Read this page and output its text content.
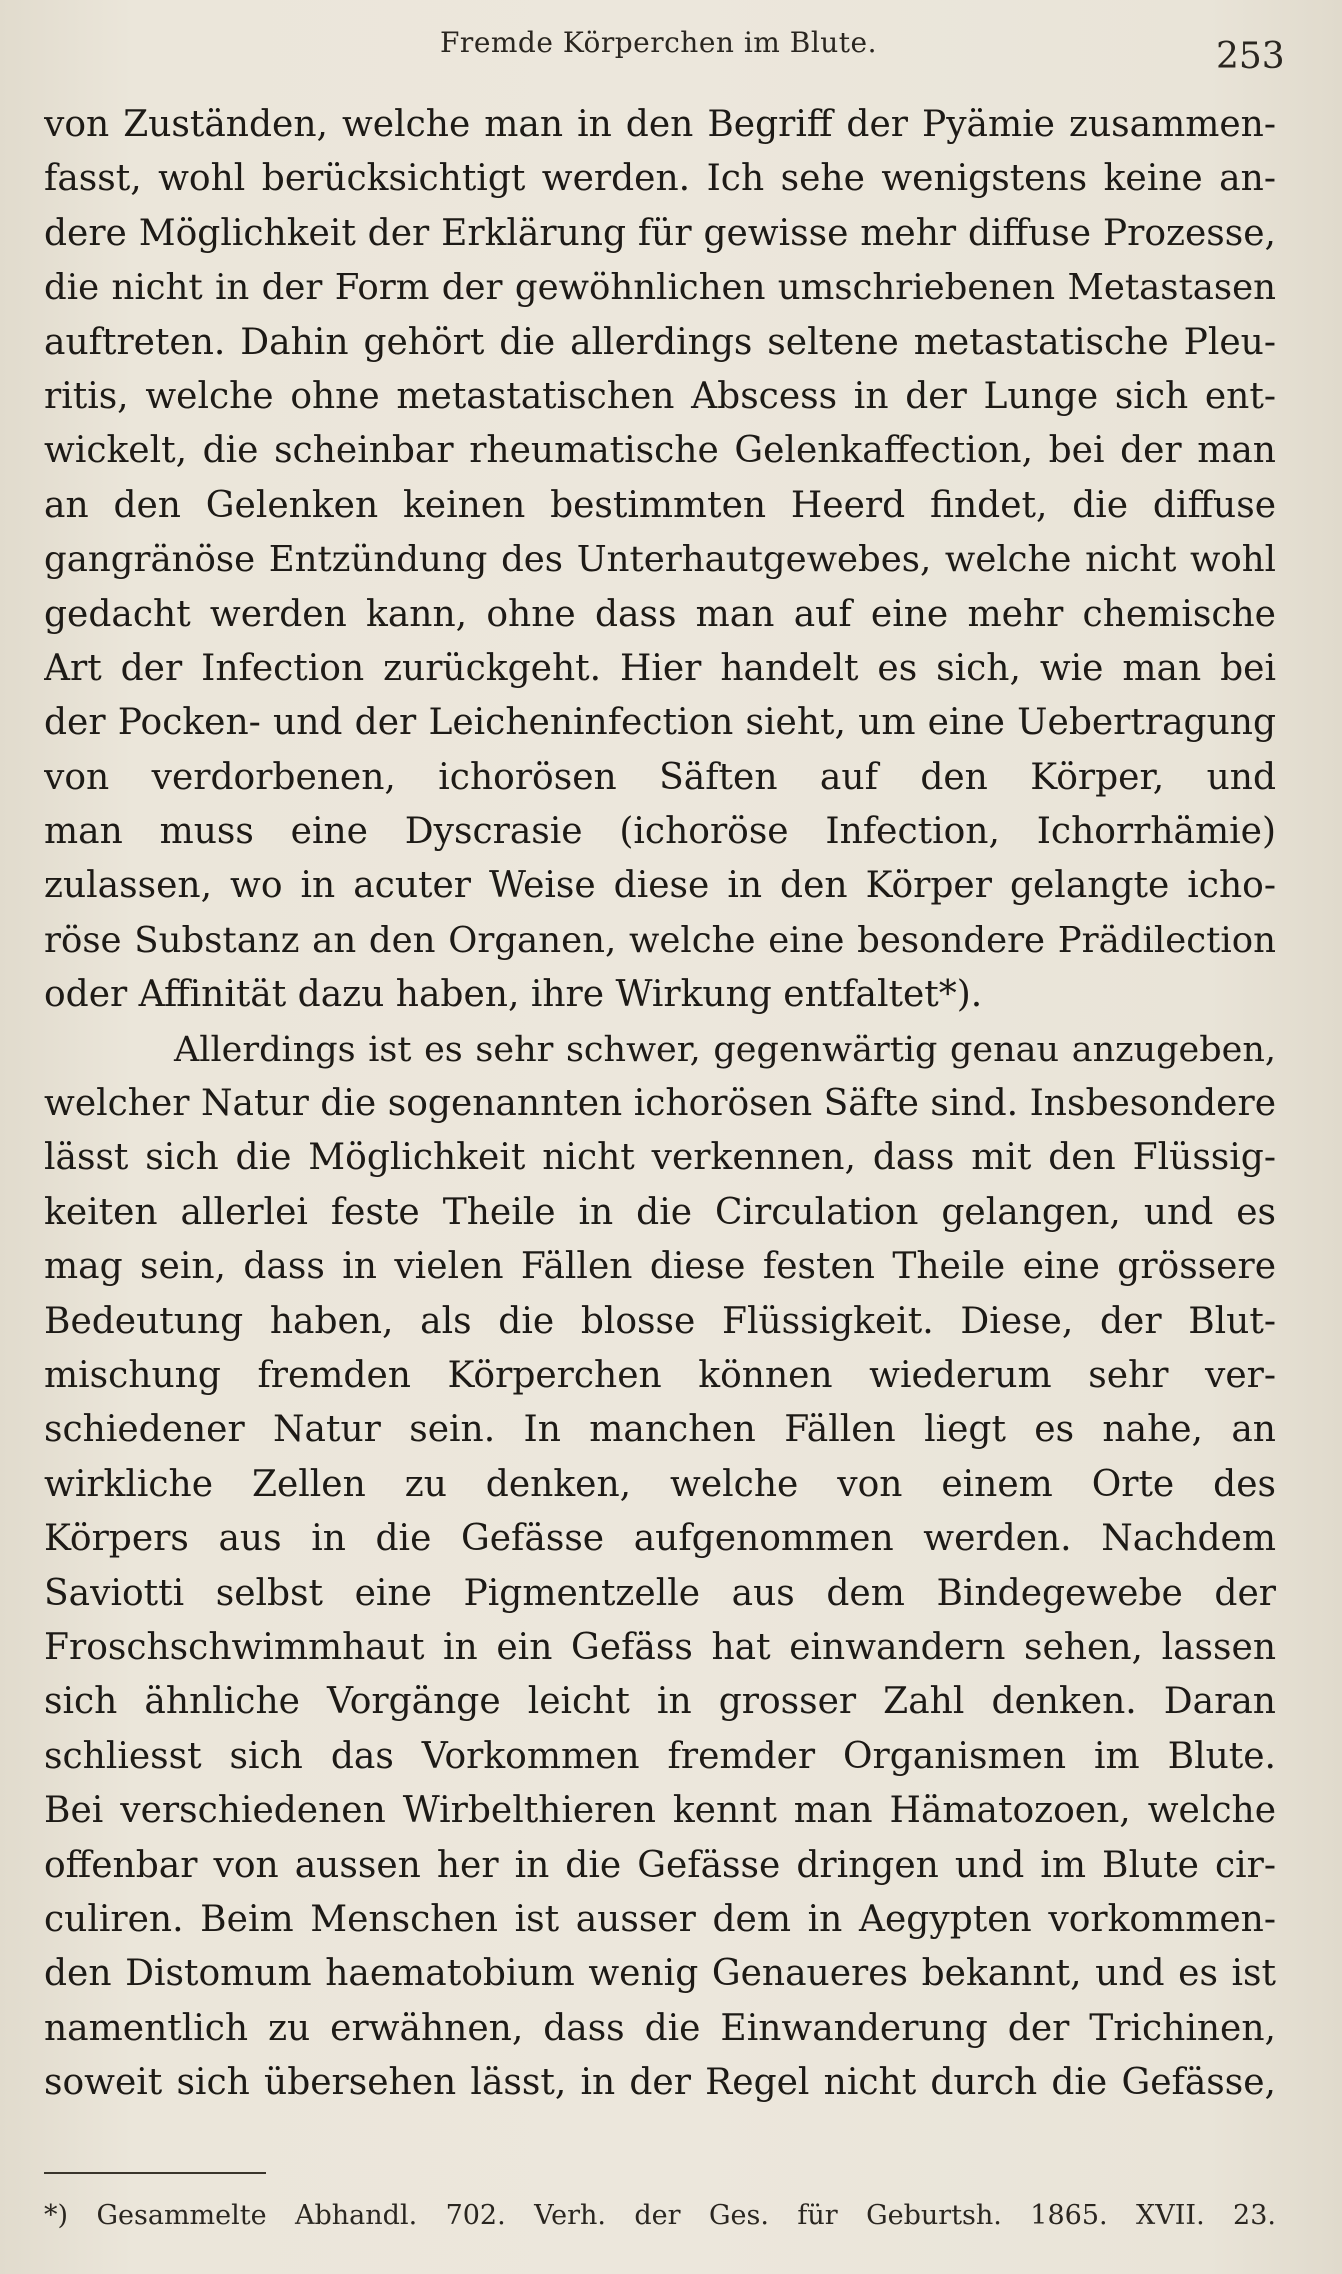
Fremde Körperchen im Blute.	253
von Zuständen, welche man in den Begriff der Pyämie zusammen-
fasst, wohl berücksichtigt werden. Ich sehe wenigstens keine an-
dere Möglichkeit der Erklärung für gewisse mehr diffuse Prozesse,
die nicht in der Form der gewöhnlichen umschriebenen Metastasen
auftreten. Dahin gehört die allerdings seltene metastatische Pleu-
ritis, welche ohne metastatischen Abscess in der Lunge sich ent-
wickelt, die scheinbar rheumatische Gelenkaffection, bei der man
an den Gelenken keinen bestimmten Heerd findet, die diffuse
gangränöse Entzündung des Unterhautgewebes, welche nicht wohl
gedacht werden kann, ohne dass man auf eine mehr chemische
Art der Infection zurückgeht. Hier handelt es sich, wie man bei
der Pocken- und der Leicheninfection sieht, um eine Uebertragung
von verdorbenen, ichorösen Säften auf den Körper, und
man muss eine Dyscrasie (ichoröse Infection, Ichorrhämie)
zulassen, wo in acuter Weise diese in den Körper gelangte icho-
röse Substanz an den Organen, welche eine besondere Prädilection
oder Affinität dazu haben, ihre Wirkung entfaltet*).
Allerdings ist es sehr schwer, gegenwärtig genau anzugeben,
welcher Natur die sogenannten ichorösen Säfte sind. Insbesondere
lässt sich die Möglichkeit nicht verkennen, dass mit den Flüssig-
keiten allerlei feste Theile in die Circulation gelangen, und es
mag sein, dass in vielen Fällen diese festen Theile eine grössere
Bedeutung haben, als die blosse Flüssigkeit. Diese, der Blut-
mischung fremden Körperchen können wiederum sehr ver-
schiedener Natur sein. In manchen Fällen liegt es nahe, an
wirkliche Zellen zu denken, welche von einem Orte des
Körpers aus in die Gefässe aufgenommen werden. Nachdem
Saviotti selbst eine Pigmentzelle aus dem Bindegewebe der
Froschschwimmhaut in ein Gefäss hat einwandern sehen, lassen
sich ähnliche Vorgänge leicht in grosser Zahl denken. Daran
schliesst sich das Vorkommen fremder Organismen im Blute.
Bei verschiedenen Wirbelthieren kennt man Hämatozoen, welche
offenbar von aussen her in die Gefässe dringen und im Blute cir-
culiren. Beim Menschen ist ausser dem in Aegypten vorkommen-
den Distomum haematobium wenig Genaueres bekannt, und es ist
namentlich zu erwähnen, dass die Einwanderung der Trichinen,
soweit sich übersehen lässt, in der Regel nicht durch die Gefässe,
*) Gesammelte Abhandl. 702. Verh. der Ges. für Geburtsh. 1865. XVII. 23.
